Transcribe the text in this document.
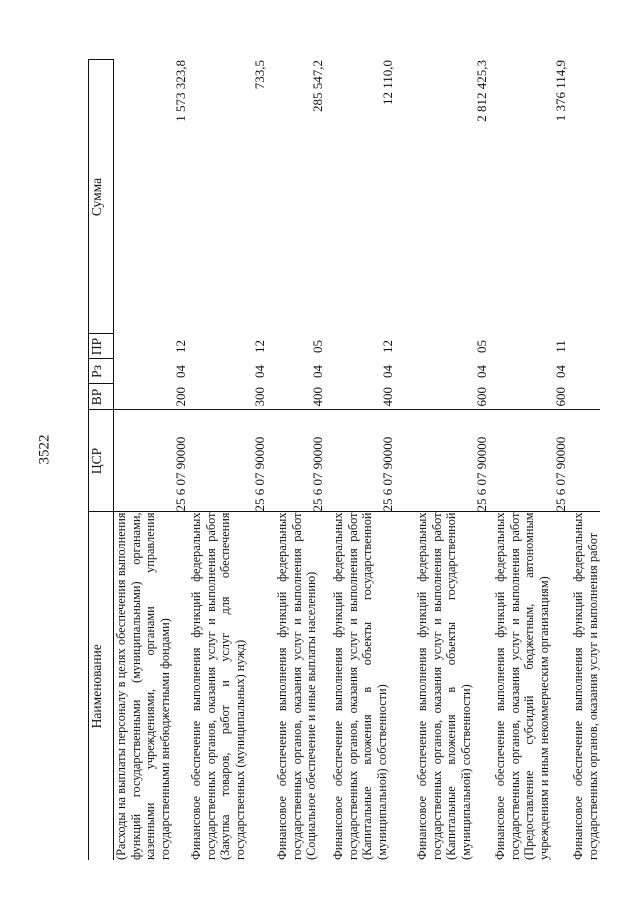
3522
Наименование	ЦСР	ВР	Рз	ПР	Сумма
(Расходы на выплаты персоналу в целях обеспечения выполнения функций государственными (муниципальными) органами, казенными учреждениями, органами управления государственными внебюджетными фондами)	25 6 07 90000	200	04	12	1 573 323,8
Финансовое обеспечение выполнения функций федеральных государственных органов, оказания услуг и выполнения работ (Закупка товаров, работ и услуг для обеспечения государственных (муниципальных) нужд)	25 6 07 90000	300	04	12	733,5
Финансовое обеспечение выполнения функций федеральных государственных органов, оказания услуг и выполнения работ (Социальное обеспечение и иные выплаты населению)	25 6 07 90000	400	04	05	285 547,2
Финансовое обеспечение выполнения функций федеральных государственных органов, оказания услуг и выполнения работ (Капитальные вложения в объекты государственной (муниципальной) собственности)	25 6 07 90000	400	04	12	12 110,0
Финансовое обеспечение выполнения функций федеральных государственных органов, оказания услуг и выполнения работ (Капитальные вложения в объекты государственной (муниципальной) собственности)	25 6 07 90000	600	04	05	2 812 425,3
Финансовое обеспечение выполнения функций федеральных государственных органов, оказания услуг и выполнения работ (Предоставление субсидий бюджетным, автономным учреждениям и иным некоммерческим организациям)	25 6 07 90000	600	04	11	1 376 114,9
Финансовое обеспечение выполнения функций федеральных государственных органов, оказания услуг и выполнения работ					
